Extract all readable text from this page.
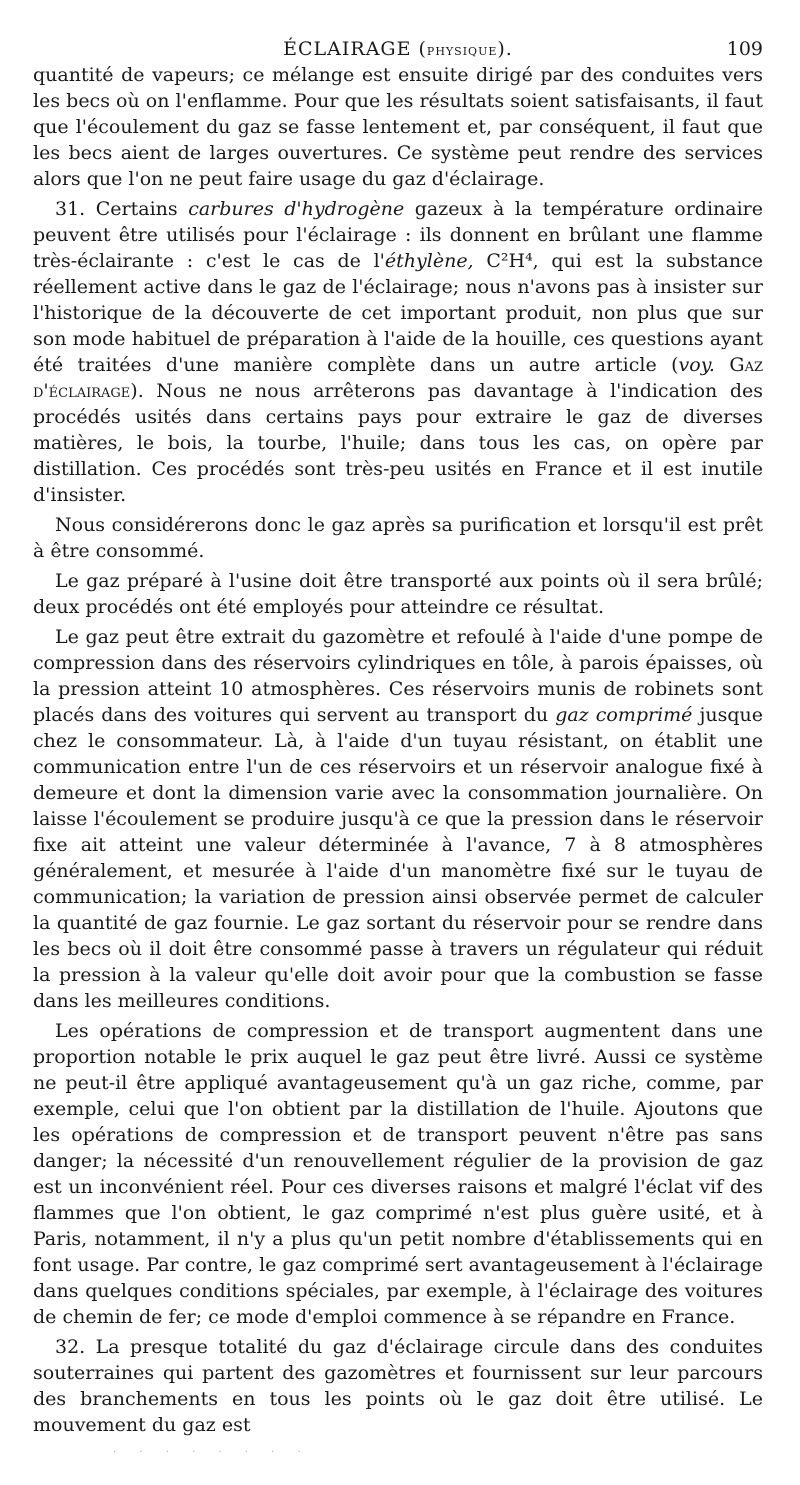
ÉCLAIRAGE (physique).	109

quantité de vapeurs; ce mélange est ensuite dirigé par des conduites vers les becs où on l'enflamme. Pour que les résultats soient satisfaisants, il faut que l'écoulement du gaz se fasse lentement et, par conséquent, il faut que les becs aient de larges ouvertures. Ce système peut rendre des services alors que l'on ne peut faire usage du gaz d'éclairage.

31. Certains carbures d'hydrogène gazeux à la température ordinaire peuvent être utilisés pour l'éclairage : ils donnent en brûlant une flamme très-éclairante : c'est le cas de l'éthylène, C²H⁴, qui est la substance réellement active dans le gaz de l'éclairage; nous n'avons pas à insister sur l'historique de la découverte de cet important produit, non plus que sur son mode habituel de préparation à l'aide de la houille, ces questions ayant été traitées d'une manière complète dans un autre article (voy. Gaz d'éclairage). Nous ne nous arrêterons pas davantage à l'indication des procédés usités dans certains pays pour extraire le gaz de diverses matières, le bois, la tourbe, l'huile; dans tous les cas, on opère par distillation. Ces procédés sont très-peu usités en France et il est inutile d'insister.

Nous considérerons donc le gaz après sa purification et lorsqu'il est prêt à être consommé.

Le gaz préparé à l'usine doit être transporté aux points où il sera brûlé; deux procédés ont été employés pour atteindre ce résultat.

Le gaz peut être extrait du gazomètre et refoulé à l'aide d'une pompe de compression dans des réservoirs cylindriques en tôle, à parois épaisses, où la pression atteint 10 atmosphères. Ces réservoirs munis de robinets sont placés dans des voitures qui servent au transport du gaz comprimé jusque chez le consommateur. Là, à l'aide d'un tuyau résistant, on établit une communication entre l'un de ces réservoirs et un réservoir analogue fixé à demeure et dont la dimension varie avec la consommation journalière. On laisse l'écoulement se produire jusqu'à ce que la pression dans le réservoir fixe ait atteint une valeur déterminée à l'avance, 7 à 8 atmosphères généralement, et mesurée à l'aide d'un manomètre fixé sur le tuyau de communication; la variation de pression ainsi observée permet de calculer la quantité de gaz fournie. Le gaz sortant du réservoir pour se rendre dans les becs où il doit être consommé passe à travers un régulateur qui réduit la pression à la valeur qu'elle doit avoir pour que la combustion se fasse dans les meilleures conditions.

Les opérations de compression et de transport augmentent dans une proportion notable le prix auquel le gaz peut être livré. Aussi ce système ne peut-il être appliqué avantageusement qu'à un gaz riche, comme, par exemple, celui que l'on obtient par la distillation de l'huile. Ajoutons que les opérations de compression et de transport peuvent n'être pas sans danger; la nécessité d'un renouvellement régulier de la provision de gaz est un inconvénient réel. Pour ces diverses raisons et malgré l'éclat vif des flammes que l'on obtient, le gaz comprimé n'est plus guère usité, et à Paris, notamment, il n'y a plus qu'un petit nombre d'établissements qui en font usage. Par contre, le gaz comprimé sert avantageusement à l'éclairage dans quelques conditions spéciales, par exemple, à l'éclairage des voitures de chemin de fer; ce mode d'emploi commence à se répandre en France.

32. La presque totalité du gaz d'éclairage circule dans des conduites souterraines qui partent des gazomètres et fournissent sur leur parcours des branchements en tous les points où le gaz doit être utilisé. Le mouvement du gaz est

· · · · · · · ·
